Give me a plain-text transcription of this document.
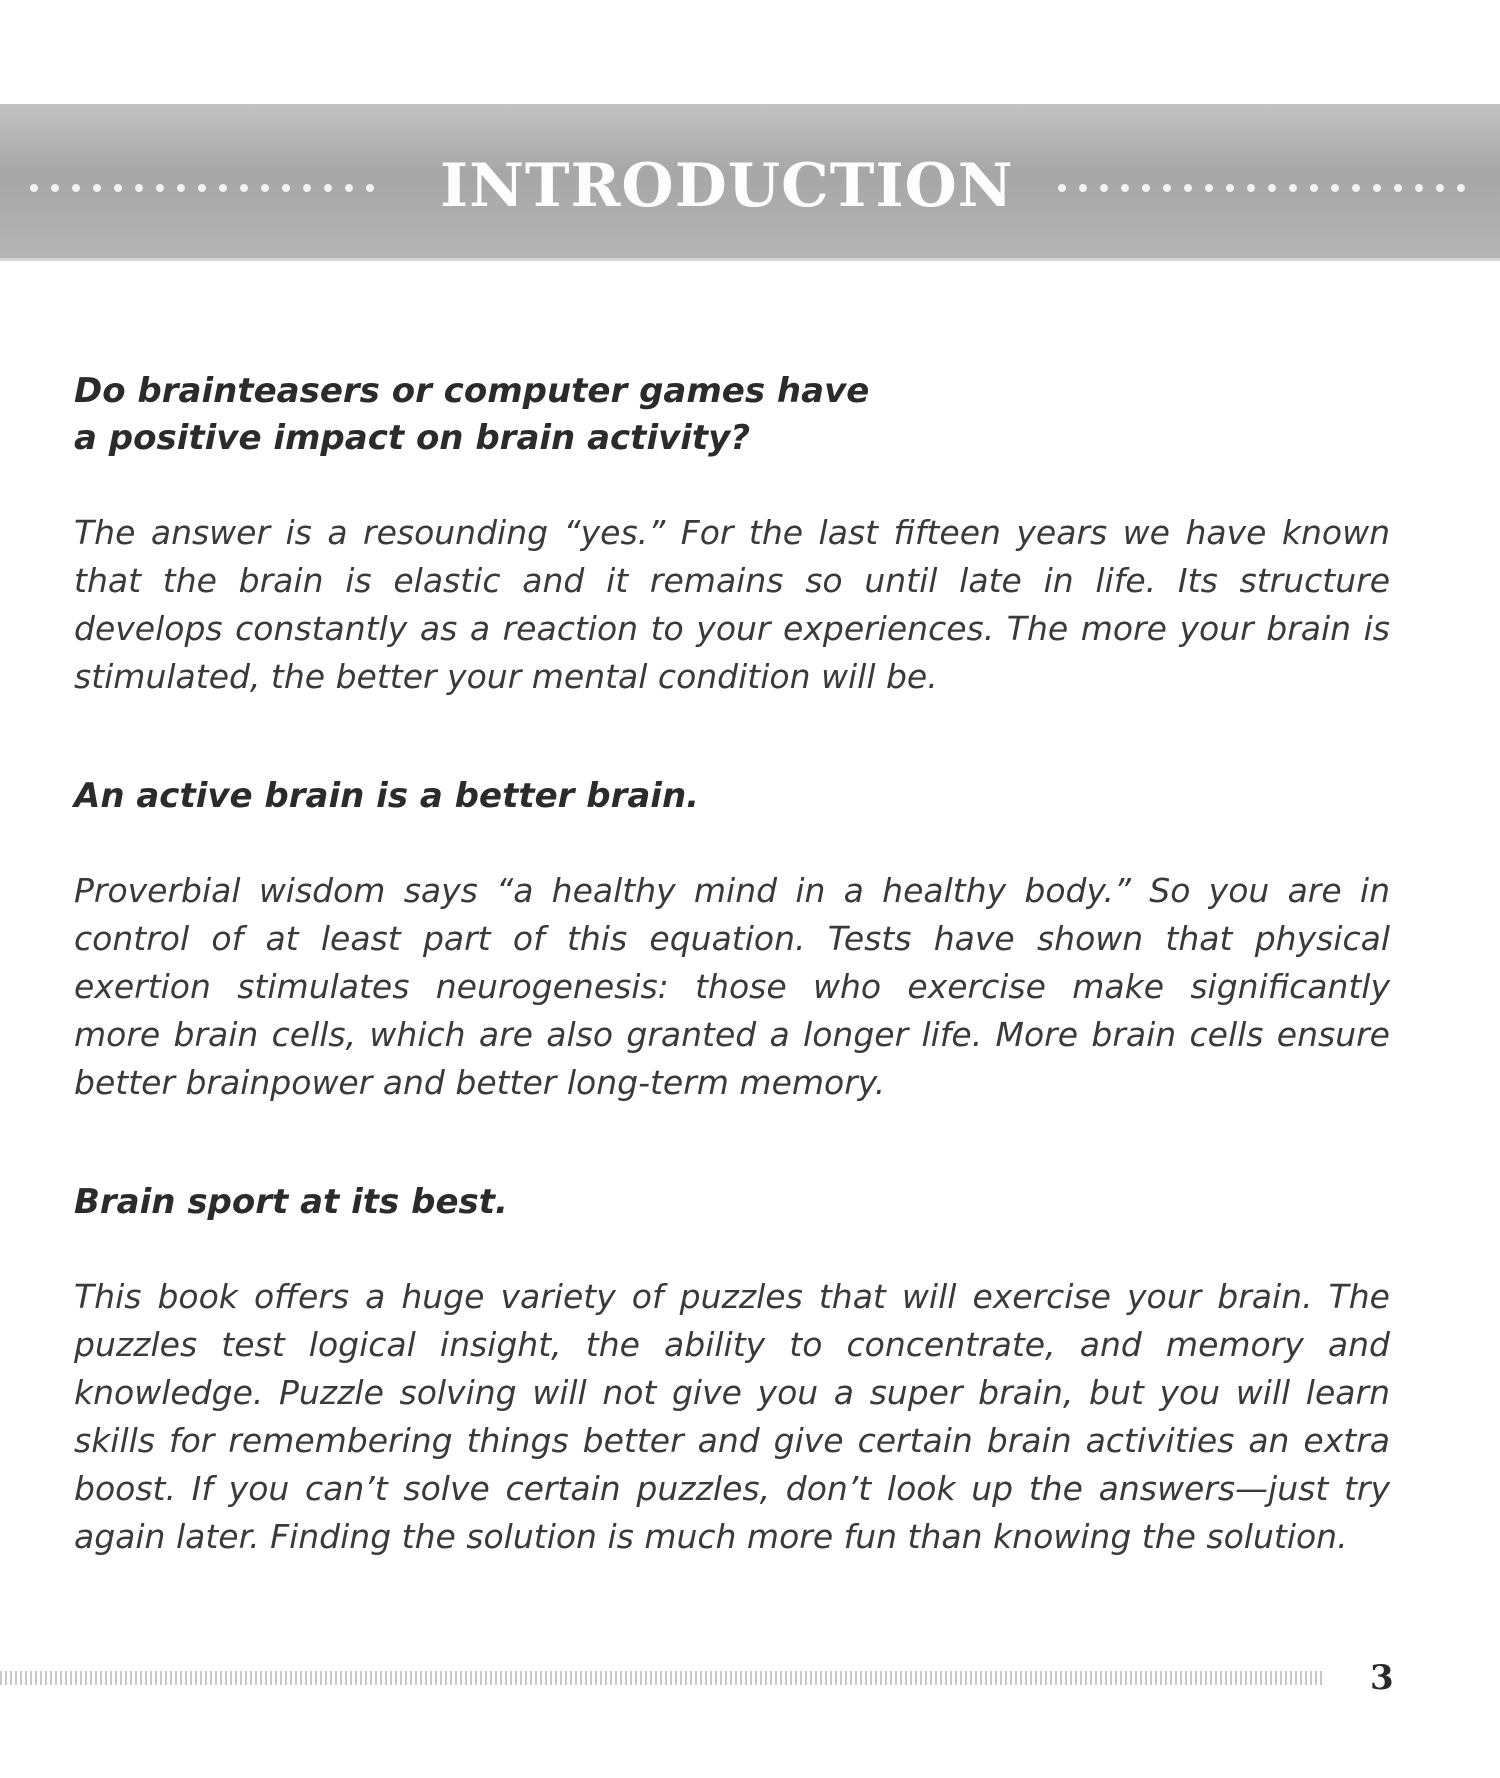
INTRODUCTION
Do brainteasers or computer games have
a positive impact on brain activity?
The answer is a resounding “yes.” For the last fifteen years we have known
that the brain is elastic and it remains so until late in life. Its structure
develops constantly as a reaction to your experiences. The more your brain is
stimulated, the better your mental condition will be.
An active brain is a better brain.
Proverbial wisdom says “a healthy mind in a healthy body.” So you are in
control of at least part of this equation. Tests have shown that physical
exertion stimulates neurogenesis: those who exercise make significantly
more brain cells, which are also granted a longer life. More brain cells ensure
better brainpower and better long-term memory.
Brain sport at its best.
This book offers a huge variety of puzzles that will exercise your brain. The
puzzles test logical insight, the ability to concentrate, and memory and
knowledge. Puzzle solving will not give you a super brain, but you will learn
skills for remembering things better and give certain brain activities an extra
boost. If you can’t solve certain puzzles, don’t look up the answers—just try
again later. Finding the solution is much more fun than knowing the solution.
3
